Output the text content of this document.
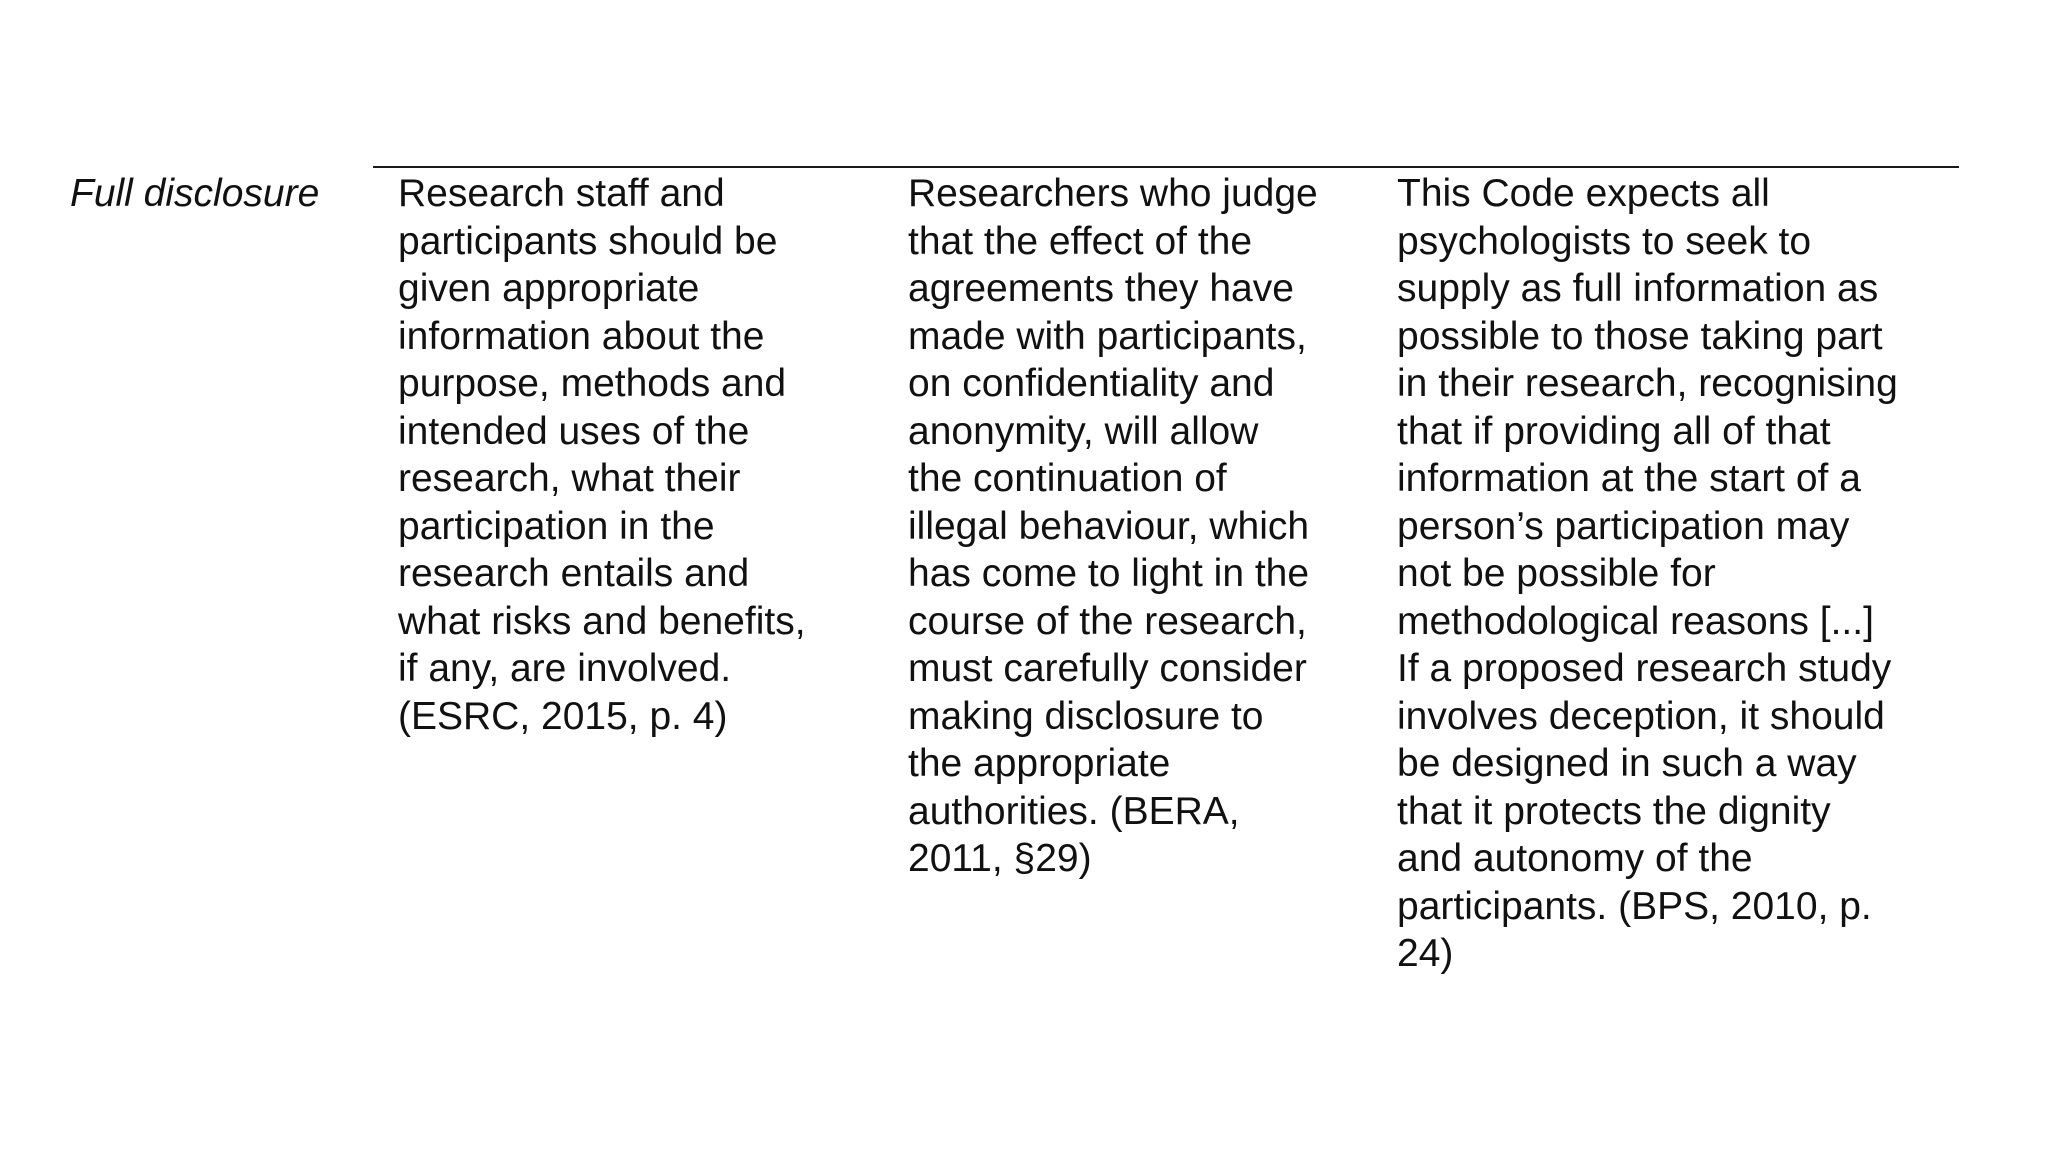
Full disclosure Research staff and
participants should be
given appropriate
information about the
purpose, methods and
intended uses of the
research, what their
participation in the
research entails and
what risks and benefits,
if any, are involved.
(ESRC, 2015, p. 4)
Researchers who judge
that the effect of the
agreements they have
made with participants,
on confidentiality and
anonymity, will allow
the continuation of
illegal behaviour, which
has come to light in the
course of the research,
must carefully consider
making disclosure to
the appropriate
authorities. (BERA,
2011, §29)
This Code expects all
psychologists to seek to
supply as full information as
possible to those taking part
in their research, recognising
that if providing all of that
information at the start of a
person’s participation may
not be possible for
methodological reasons [...]
If a proposed research study
involves deception, it should
be designed in such a way
that it protects the dignity
and autonomy of the
participants. (BPS, 2010, p.
24)
